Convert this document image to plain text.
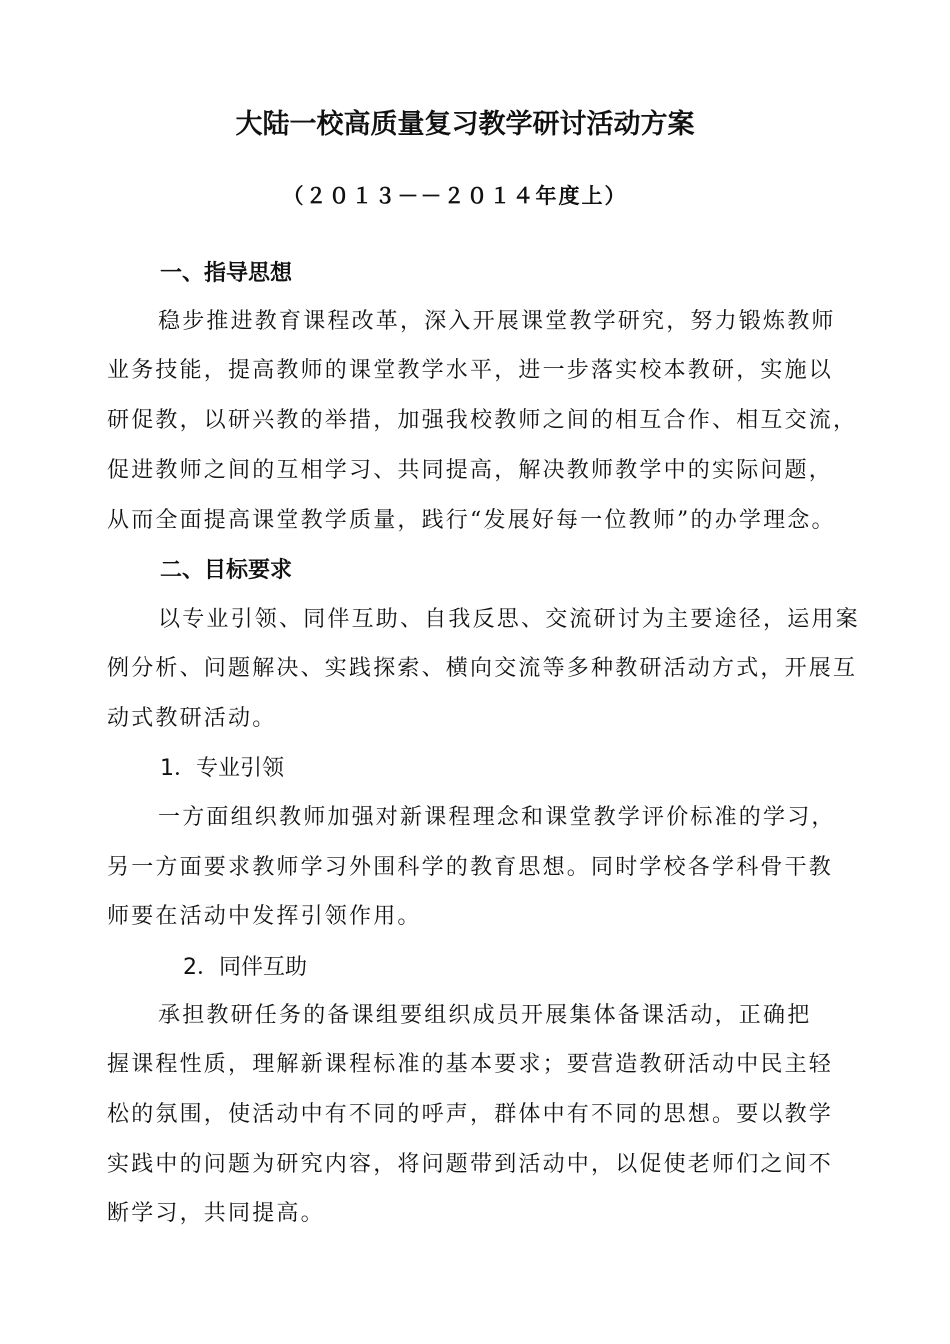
大陆一校高质量复习教学研讨活动方案
（２０１３－－２０１４年度上）
一、指导思想
稳步推进教育课程改革，深入开展课堂教学研究，努力锻炼教师
业务技能，提高教师的课堂教学水平，进一步落实校本教研，实施以
研促教，以研兴教的举措，加强我校教师之间的相互合作、相互交流，
促进教师之间的互相学习、共同提高，解决教师教学中的实际问题，
从而全面提高课堂教学质量，践行“发展好每一位教师”的办学理念。
二、目标要求
以专业引领、同伴互助、自我反思、交流研讨为主要途径，运用案
例分析、问题解决、实践探索、横向交流等多种教研活动方式，开展互
动式教研活动。
1．专业引领
一方面组织教师加强对新课程理念和课堂教学评价标准的学习，
另一方面要求教师学习外围科学的教育思想。同时学校各学科骨干教
师要在活动中发挥引领作用。
2．同伴互助
承担教研任务的备课组要组织成员开展集体备课活动，正确把
握课程性质，理解新课程标准的基本要求；要营造教研活动中民主轻
松的氛围，使活动中有不同的呼声，群体中有不同的思想。要以教学
实践中的问题为研究内容，将问题带到活动中，以促使老师们之间不
断学习，共同提高。
